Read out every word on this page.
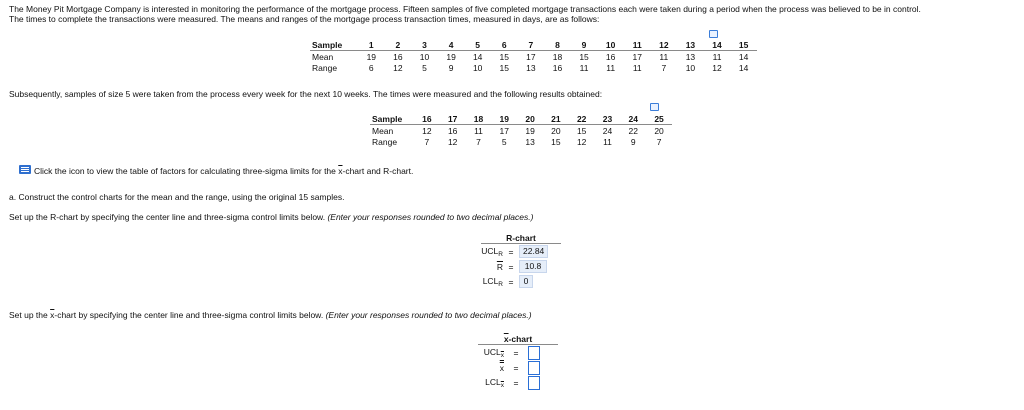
The Money Pit Mortgage Company is interested in monitoring the performance of the mortgage process. Fifteen samples of five completed mortgage transactions each were taken during a period when the process was believed to be in control.

The times to complete the transactions were measured. The means and ranges of the mortgage process transaction times, measured in days, are as follows:

Sample	1	2	3	4	5	6	7	8	9	10	11	12	13	14	15
Mean	19	16	10	19	14	15	17	18	15	16	17	11	13	11	14
Range	6	12	5	9	10	15	13	16	11	11	11	7	10	12	14
Subsequently, samples of size 5 were taken from the process every week for the next 10 weeks. The times were measured and the following results obtained:
Sample	16	17	18	19	20	21	22	23	24	25
Mean	12	16	11	17	19	20	15	24	22	20
Range	7	12	7	5	13	15	12	11	9	7
Click the icon to view the table of factors for calculating three-sigma limits for the $\overline{x}$-chart and R-chart.
a. Construct the control charts for the mean and the range, using the original 15 samples.
Set up the R-chart by specifying the center line and three-sigma control limits below. (Enter your responses rounded to two decimal places.)
R-chart		
$UCL_R$	=	22.84
$\overline{R}$	=	10.8
$LCL_R$	=	0
Set up the $\overline{x}$-chart by specifying the center line and three-sigma control limits below. (Enter your responses rounded to two decimal places.)
$\overline{x}$-chart		
$UCL_{\overline{x}}$	=	
x	=	
$LCL_{\overline{x}}$	=	
